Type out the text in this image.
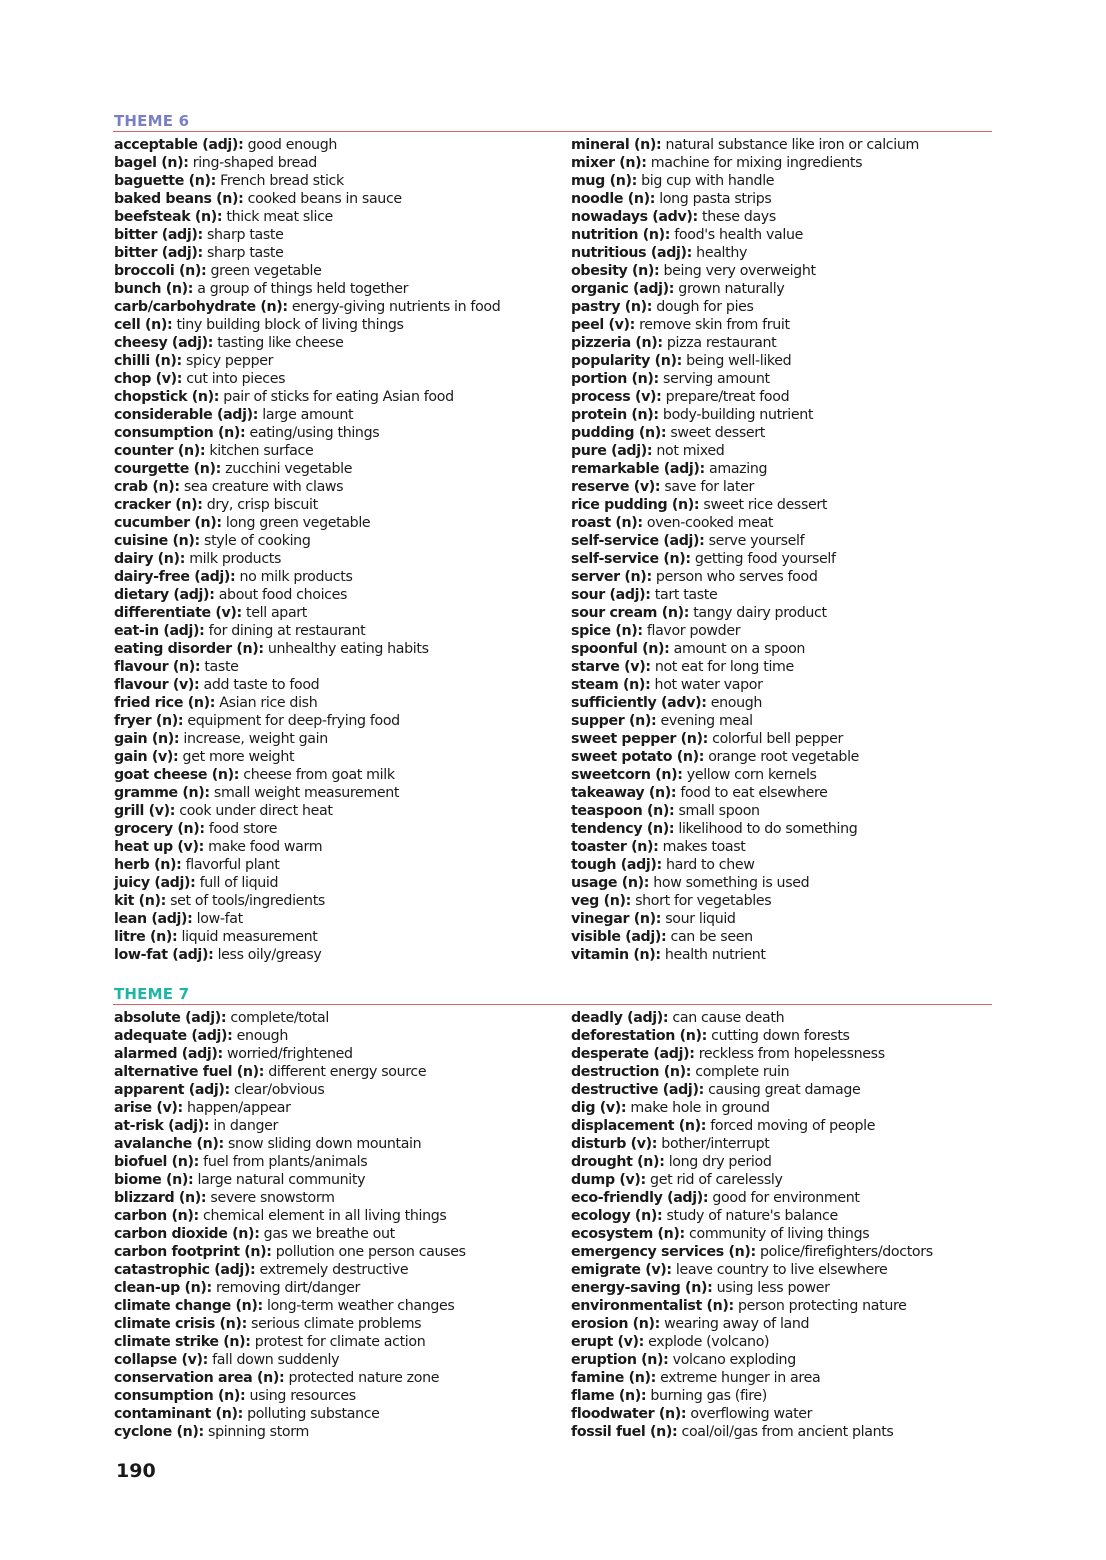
THEME 6
acceptable (adj): good enough
bagel (n): ring-shaped bread
baguette (n): French bread stick
baked beans (n): cooked beans in sauce
beefsteak (n): thick meat slice
bitter (adj): sharp taste
bitter (adj): sharp taste
broccoli (n): green vegetable
bunch (n): a group of things held together
carb/carbohydrate (n): energy-giving nutrients in food
cell (n): tiny building block of living things
cheesy (adj): tasting like cheese
chilli (n): spicy pepper
chop (v): cut into pieces
chopstick (n): pair of sticks for eating Asian food
considerable (adj): large amount
consumption (n): eating/using things
counter (n): kitchen surface
courgette (n): zucchini vegetable
crab (n): sea creature with claws
cracker (n): dry, crisp biscuit
cucumber (n): long green vegetable
cuisine (n): style of cooking
dairy (n): milk products
dairy-free (adj): no milk products
dietary (adj): about food choices
differentiate (v): tell apart
eat-in (adj): for dining at restaurant
eating disorder (n): unhealthy eating habits
flavour (n): taste
flavour (v): add taste to food
fried rice (n): Asian rice dish
fryer (n): equipment for deep-frying food
gain (n): increase, weight gain
gain (v): get more weight
goat cheese (n): cheese from goat milk
gramme (n): small weight measurement
grill (v): cook under direct heat
grocery (n): food store
heat up (v): make food warm
herb (n): flavorful plant
juicy (adj): full of liquid
kit (n): set of tools/ingredients
lean (adj): low-fat
litre (n): liquid measurement
low-fat (adj): less oily/greasy
mineral (n): natural substance like iron or calcium
mixer (n): machine for mixing ingredients
mug (n): big cup with handle
noodle (n): long pasta strips
nowadays (adv): these days
nutrition (n): food's health value
nutritious (adj): healthy
obesity (n): being very overweight
organic (adj): grown naturally
pastry (n): dough for pies
peel (v): remove skin from fruit
pizzeria (n): pizza restaurant
popularity (n): being well-liked
portion (n): serving amount
process (v): prepare/treat food
protein (n): body-building nutrient
pudding (n): sweet dessert
pure (adj): not mixed
remarkable (adj): amazing
reserve (v): save for later
rice pudding (n): sweet rice dessert
roast (n): oven-cooked meat
self-service (adj): serve yourself
self-service (n): getting food yourself
server (n): person who serves food
sour (adj): tart taste
sour cream (n): tangy dairy product
spice (n): flavor powder
spoonful (n): amount on a spoon
starve (v): not eat for long time
steam (n): hot water vapor
sufficiently (adv): enough
supper (n): evening meal
sweet pepper (n): colorful bell pepper
sweet potato (n): orange root vegetable
sweetcorn (n): yellow corn kernels
takeaway (n): food to eat elsewhere
teaspoon (n): small spoon
tendency (n): likelihood to do something
toaster (n): makes toast
tough (adj): hard to chew
usage (n): how something is used
veg (n): short for vegetables
vinegar (n): sour liquid
visible (adj): can be seen
vitamin (n): health nutrient
THEME 7
absolute (adj): complete/total
adequate (adj): enough
alarmed (adj): worried/frightened
alternative fuel (n): different energy source
apparent (adj): clear/obvious
arise (v): happen/appear
at-risk (adj): in danger
avalanche (n): snow sliding down mountain
biofuel (n): fuel from plants/animals
biome (n): large natural community
blizzard (n): severe snowstorm
carbon (n): chemical element in all living things
carbon dioxide (n): gas we breathe out
carbon footprint (n): pollution one person causes
catastrophic (adj): extremely destructive
clean-up (n): removing dirt/danger
climate change (n): long-term weather changes
climate crisis (n): serious climate problems
climate strike (n): protest for climate action
collapse (v): fall down suddenly
conservation area (n): protected nature zone
consumption (n): using resources
contaminant (n): polluting substance
cyclone (n): spinning storm
deadly (adj): can cause death
deforestation (n): cutting down forests
desperate (adj): reckless from hopelessness
destruction (n): complete ruin
destructive (adj): causing great damage
dig (v): make hole in ground
displacement (n): forced moving of people
disturb (v): bother/interrupt
drought (n): long dry period
dump (v): get rid of carelessly
eco-friendly (adj): good for environment
ecology (n): study of nature's balance
ecosystem (n): community of living things
emergency services (n): police/firefighters/doctors
emigrate (v): leave country to live elsewhere
energy-saving (n): using less power
environmentalist (n): person protecting nature
erosion (n): wearing away of land
erupt (v): explode (volcano)
eruption (n): volcano exploding
famine (n): extreme hunger in area
flame (n): burning gas (fire)
floodwater (n): overflowing water
fossil fuel (n): coal/oil/gas from ancient plants
190
